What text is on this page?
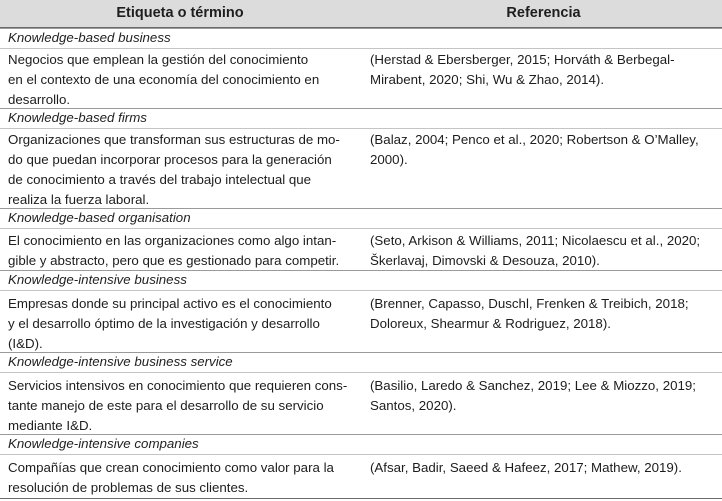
Etiqueta o término	Referencia
Knowledge-based business
Negocios que emplean la gestión del conocimiento
en el contexto de una economía del conocimiento en
desarrollo.
(Herstad & Ebersberger, 2015; Horváth & Berbegal-
Mirabent, 2020; Shi, Wu & Zhao, 2014).
Knowledge-based firms
Organizaciones que transforman sus estructuras de mo-
do que puedan incorporar procesos para la generación
de conocimiento a través del trabajo intelectual que
realiza la fuerza laboral.
(Balaz, 2004; Penco et al., 2020; Robertson & O’Malley,
2000).
Knowledge-based organisation
El conocimiento en las organizaciones como algo intan-
gible y abstracto, pero que es gestionado para competir.
(Seto, Arkison & Williams, 2011; Nicolaescu et al., 2020;
Škerlavaj, Dimovski & Desouza, 2010).
Knowledge-intensive business
Empresas donde su principal activo es el conocimiento
y el desarrollo óptimo de la investigación y desarrollo
(I&D).
(Brenner, Capasso, Duschl, Frenken & Treibich, 2018;
Doloreux, Shearmur & Rodriguez, 2018).
Knowledge-intensive business service
Servicios intensivos en conocimiento que requieren cons-
tante manejo de este para el desarrollo de su servicio
mediante I&D.
(Basilio, Laredo & Sanchez, 2019; Lee & Miozzo, 2019;
Santos, 2020).
Knowledge-intensive companies
Compañías que crean conocimiento como valor para la
resolución de problemas de sus clientes.
(Afsar, Badir, Saeed & Hafeez, 2017; Mathew, 2019).
